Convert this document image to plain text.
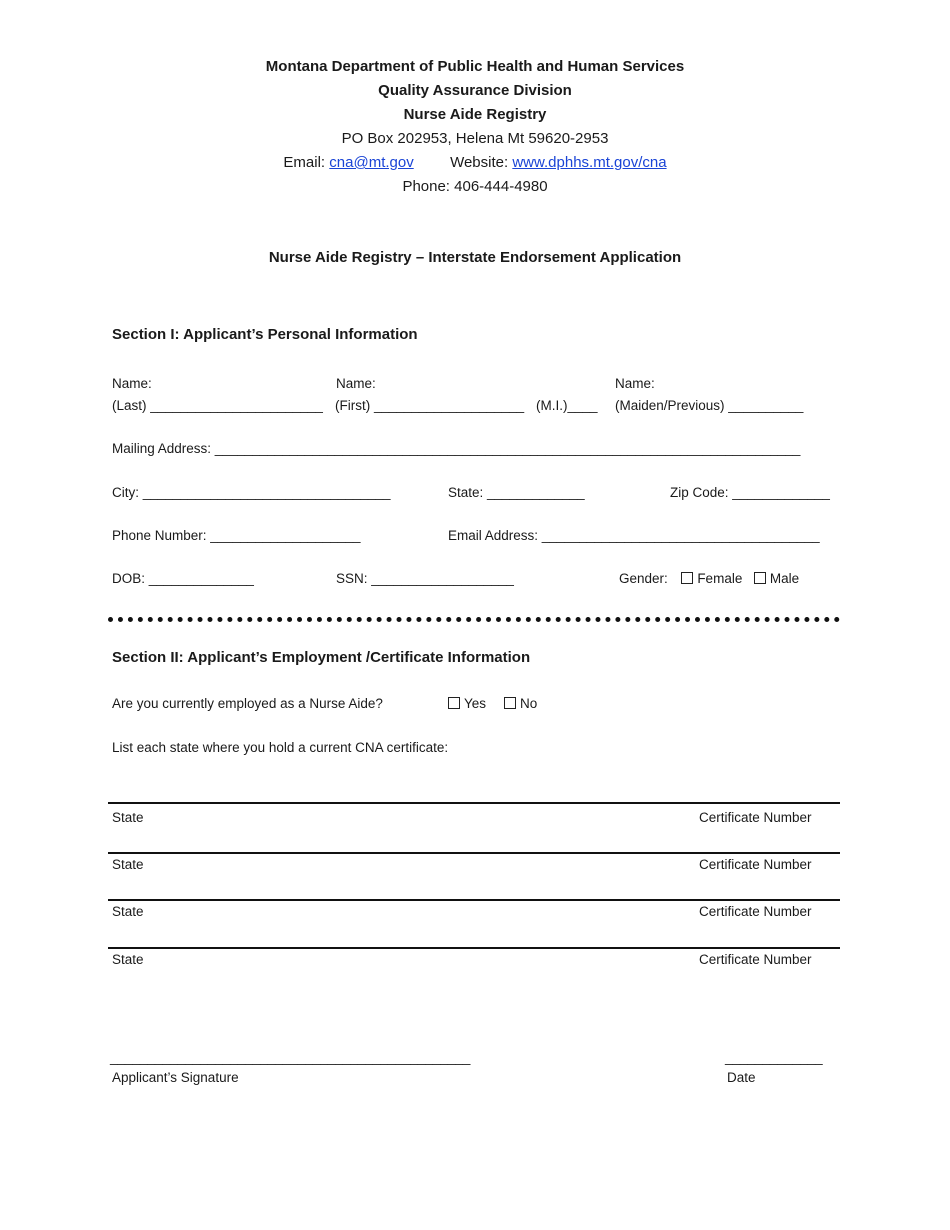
Montana Department of Public Health and Human Services
Quality Assurance Division
Nurse Aide Registry
PO Box 202953, Helena Mt 59620-2953
Email: cna@mt.gov Website: www.dphhs.mt.gov/cna
Phone: 406-444-4980
Nurse Aide Registry – Interstate Endorsement Application
Section I: Applicant’s Personal Information
Name:	Name:	Name:
(Last) _______________________ (First) ____________________ (M.I.)____ (Maiden/Previous) __________
Mailing Address: ______________________________________________________________________________
City: _________________________________	State: _____________	Zip Code: _____________
Phone Number: ____________________	Email Address: _____________________________________
DOB: ______________	SSN: ___________________	Gender: Female Male
Section II: Applicant’s Employment /Certificate Information
Are you currently employed as a Nurse Aide?	Yes	No
List each state where you hold a current CNA certificate:
State	Certificate Number
State	Certificate Number
State	Certificate Number
State	Certificate Number
________________________________________________
Applicant’s Signature
_____________
Date
